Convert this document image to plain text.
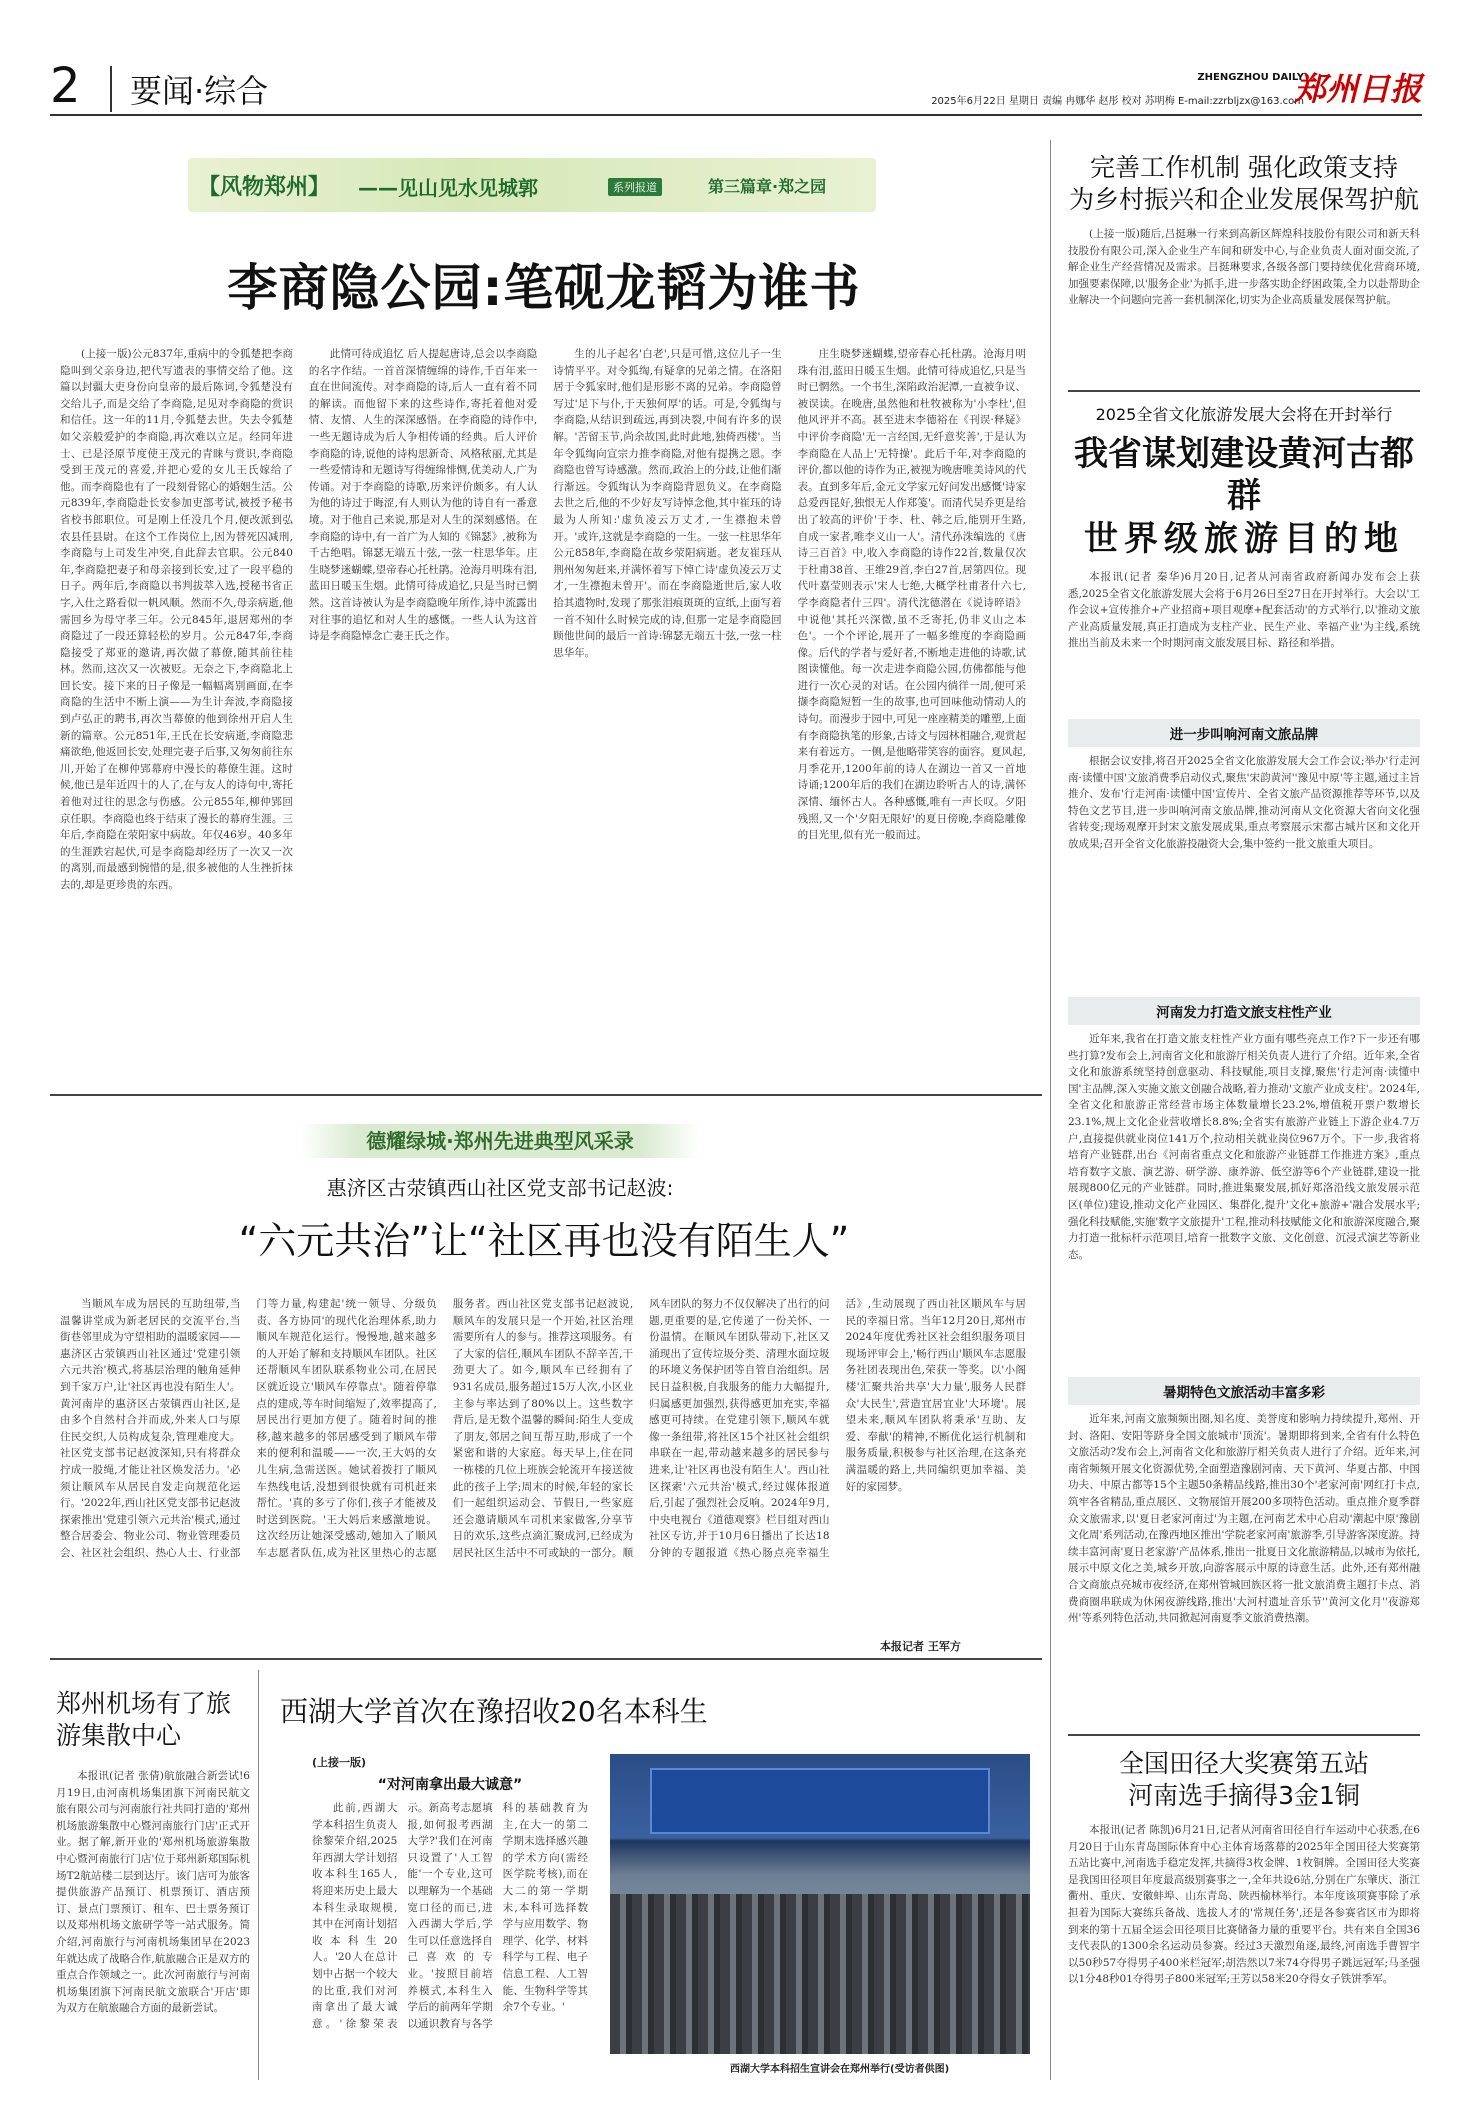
2 要闻·综合	ZHENGZHOU DAILY
2025年6月22日 星期日 责编 冉娜华 赵彤 校对 苏明梅 E-mail:zzrbljzx@163.com
郑州日报
【风物郑州】 ——见山见水见城郭	系列报道	第三篇章·郑之园
李商隐公园:笔砚龙韬为谁书

(上接一版)公元837年,重病中的令狐楚把李商隐叫到父亲身边,把代写遗表的事情交给了他。这篇以封疆大吏身份向皇帝的最后陈词,令狐楚没有交给儿子,而是交给了李商隐,足见对李商隐的赏识和信任。这一年的11月,令狐楚去世。失去令狐楚如父亲般爱护的李商隐,再次难以立足。经同年进士、已是泾原节度使王茂元的青睐与赏识,李商隐受到王茂元的喜爱,并把心爱的女儿王氏嫁给了他。而李商隐也有了一段刻骨铭心的婚姻生活。公元839年,李商隐赴长安参加吏部考试,被授予秘书省校书郎职位。可是刚上任没几个月,便改派到弘农县任县尉。在这个工作岗位上,因为替死囚减刑,李商隐与上司发生冲突,自此辞去官职。公元840年,李商隐把妻子和母亲接到长安,过了一段平稳的日子。两年后,李商隐以书判拔萃入选,授秘书省正字,入仕之路看似一帆风顺。然而不久,母亲病逝,他需回乡为母守孝三年。公元845年,退居郑州的李商隐过了一段还算轻松的岁月。公元847年,李商隐接受了郑亚的邀请,再次做了幕僚,随其前往桂林。然而,这次又一次被贬。无奈之下,李商隐北上回长安。接下来的日子像是一幅幅离别画面,在李商隐的生活中不断上演——为生计奔波,李商隐接到卢弘正的聘书,再次当幕僚的他到徐州开启人生新的篇章。公元851年,王氏在长安病逝,李商隐悲痛欲绝,他返回长安,处理完妻子后事,又匆匆前往东川,开始了在柳仲郢幕府中漫长的幕僚生涯。这时候,他已是年近四十的人了,在与友人的诗句中,寄托着他对过往的思念与伤感。公元855年,柳仲郢回京任职。李商隐也终于结束了漫长的幕府生涯。三年后,李商隐在荥阳家中病故。年仅46岁。40多年的生涯跌宕起伏,可是李商隐却经历了一次又一次的离别,而最感到惋惜的是,很多被他的人生挫折抹去的,却是更珍贵的东西。

此情可待成追忆 后人提起唐诗,总会以李商隐的名字作结。一首首深情缠绵的诗作,千百年来一直在世间流传。对李商隐的诗,后人一直有着不同的解读。而他留下来的这些诗作,寄托着他对爱情、友情、人生的深深感悟。在李商隐的诗作中,一些无题诗成为后人争相传诵的经典。后人评价李商隐的诗,说他的诗构思新奇、风格秾丽,尤其是一些爱情诗和无题诗写得缠绵悱恻,优美动人,广为传诵。对于李商隐的诗歌,历来评价颇多。有人认为他的诗过于晦涩,有人则认为他的诗自有一番意境。对于他自己来说,那是对人生的深刻感悟。在李商隐的诗中,有一首广为人知的《锦瑟》,被称为千古绝唱。锦瑟无端五十弦,一弦一柱思华年。庄生晓梦迷蝴蝶,望帝春心托杜鹃。沧海月明珠有泪,蓝田日暖玉生烟。此情可待成追忆,只是当时已惘然。这首诗被认为是李商隐晚年所作,诗中流露出对往事的追忆和对人生的感慨。一些人认为这首诗是李商隐悼念亡妻王氏之作。

生的儿子起名'白老',只是可惜,这位儿子一生诗情平平。对令狐绹,有疑拿的兄弟之情。在洛阳居于令狐家时,他们是形影不离的兄弟。李商隐曾写过'足下与仆,于天独何厚'的话。可是,令狐绹与李商隐,从结识到疏远,再到决裂,中间有许多的误解。'苦留玉节,尚余故国,此时此地,独倚西楼'。当年令狐绹向宣宗力推李商隐,对他有提携之恩。李商隐也曾写诗感激。然而,政治上的分歧,让他们渐行渐远。令狐绹认为李商隐背恩负义。在李商隐去世之后,他的不少好友写诗悼念他,其中崔珏的诗最为人所知:'虚负凌云万丈才,一生襟抱未曾开。'或许,这就是李商隐的一生。一弦一柱思华年 公元858年,李商隐在故乡荥阳病逝。老友崔珏从荆州匆匆赶来,并满怀着写下悼亡诗'虚负凌云万丈才,一生襟抱未曾开'。而在李商隐逝世后,家人收拾其遗物时,发现了那张泪痕斑斑的宣纸,上面写着一首不知什么时候完成的诗,但那一定是李商隐回顾他世间的最后一首诗:锦瑟无端五十弦,一弦一柱思华年。

庄生晓梦迷蝴蝶,望帝春心托杜鹃。沧海月明珠有泪,蓝田日暖玉生烟。此情可待成追忆,只是当时已惘然。一个书生,深陷政治泥潭,一直被争议、被误读。在晚唐,虽然他和杜牧被称为'小李杜',但他风评并不高。甚至进末李德裕在《刊误·释疑》中评价李商隐'无一言经国,无纤意奖善',于是认为李商隐在人品上'无特操'。此后千年,对李商隐的评价,都以他的诗作为正,被视为晚唐唯美诗风的代表。直到多年后,金元文学家元好问发出感慨'诗家总爱西昆好,独恨无人作郑笺'。而清代吴乔更是给出了较高的评价'于李、杜、韩之后,能别开生路,自成一家者,唯李义山一人'。清代孙洙编选的《唐诗三百首》中,收入李商隐的诗作22首,数量仅次于杜甫38首、王维29首,李白27首,居第四位。现代叶嘉莹则表示'宋人七绝,大概学杜甫者什六七,学李商隐者什三四'。清代沈德潜在《说诗晬语》中说他'其托兴深微,虽不乏寄托,仍非义山之本色'。一个个评论,展开了一幅多维度的李商隐画像。后代的学者与爱好者,不断地走进他的诗歌,试图读懂他。每一次走进李商隐公园,仿佛都能与他进行一次心灵的对话。在公园内徜徉一周,便可采撷李商隐短暂一生的故事,也可回味他动情动人的诗句。而漫步于园中,可见一座座精美的雕塑,上面有李商隐执笔的形象,古诗文与园林相融合,观赏起来有着远方。一侧,是他略带笑容的面容。夏风起,月季花开,1200年前的诗人在湖边一首又一首地诗诵;1200年后的我们在湖边聆听古人的诗,满怀深情、缅怀古人。各种感慨,唯有一声长叹。夕阳残照,又一个'夕阳无限好'的夏日傍晚,李商隐雕像的目光里,似有光一般而过。

德耀绿城·郑州先进典型风采录
惠济区古荥镇西山社区党支部书记赵波:
“六元共治”让“社区再也没有陌生人”

当顺风车成为居民的互助纽带,当温馨讲堂成为新老居民的交流平台,当街巷邻里成为守望相助的温暖家园——惠济区古荥镇西山社区通过'党建引领六元共治'模式,将基层治理的触角延伸到千家万户,让'社区再也没有陌生人'。黄河南岸的惠济区古荥镇西山社区,是由多个自然村合并而成,外来人口与原住民交织,人员构成复杂,管理难度大。社区党支部书记赵波深知,只有将群众拧成一股绳,才能让社区焕发活力。'必须让顺风车从居民自发走向规范化运行。'2022年,西山社区党支部书记赵波探索推出'党建引领六元共治'模式,通过整合居委会、物业公司、物业管理委员会、社区社会组织、热心人士、行业部门等力量,构建起'统一领导、分级负责、各方协同'的现代化治理体系,助力顺风车规范化运行。慢慢地,越来越多的人开始了解和支持顺风车团队。社区还帮顺风车团队联系物业公司,在居民区就近设立'顺风车停靠点'。随着停靠点的建成,等车时间缩短了,效率提高了,居民出行更加方便了。随着时间的推移,越来越多的邻居感受到了顺风车带来的便利和温暖——一次,王大妈的女儿生病,急需送医。她试着拨打了顺风车热线电话,没想到很快就有司机赶来帮忙。'真的多亏了你们,孩子才能被及时送到医院。'王大妈后来感激地说。这次经历让她深受感动,她加入了顺风车志愿者队伍,成为社区里热心的志愿服务者。西山社区党支部书记赵波说,顺风车的发展只是一个开始,社区治理需要所有人的参与。推荐这项服务。有了大家的信任,顺风车团队不辞辛苦,干劲更大了。如今,顺风车已经拥有了931名成员,服务超过15万人次,小区业主参与率达到了80%以上。这些数字背后,是无数个温馨的瞬间:陌生人变成了朋友,邻居之间互帮互助,形成了一个紧密和谐的大家庭。每天早上,住在同一栋楼的几位上班族会轮流开车接送彼此的孩子上学;周末的时候,年轻的家长们一起组织运动会、节假日,一些家庭还会邀请顺风车司机来家做客,分享节日的欢乐,这些点滴汇聚成河,已经成为居民社区生活中不可或缺的一部分。顺风车团队的努力不仅仅解决了出行的问题,更重要的是,它传递了一份关怀、一份温情。在顺风车团队带动下,社区又涌现出了宣传垃圾分类、清理水面垃圾的环境义务保护团等自管自治组织。居民日益积极,自我服务的能力大幅提升,归属感更加强烈,获得感更加充实,幸福感更可持续。在党建引领下,顺风车就像一条纽带,将社区15个社区社会组织串联在一起,带动越来越多的居民参与进来,让'社区再也没有陌生人'。西山社区探索'六元共治'模式,经过媒体报道后,引起了强烈社会反响。2024年9月,中央电视台《道德观察》栏目组对西山社区专访,并于10月6日播出了长达18分钟的专题报道《热心肠点亮幸福生活》,生动展现了西山社区顺风车与居民的幸福日常。当年12月20日,郑州市2024年度优秀社区社会组织服务项目现场评审会上,'畅行西山'顺风车志愿服务社团表现出色,荣获一等奖。以'小阁楼'汇聚共治共享'大力量',服务人民群众'大民生',营造宜居宜业'大环境'。展望未来,顺风车团队将秉承'互助、友爱、奉献'的精神,不断优化运行机制和服务质量,积极参与社区治理,在这条充满温暖的路上,共同编织更加幸福、美好的家园梦。

本报记者 王军方
郑州机场有了旅游集散中心

本报讯(记者 张倩)航旅融合新尝试!6月19日,由河南机场集团旗下河南民航文旅有限公司与河南旅行社共同打造的'郑州机场旅游集散中心暨河南旅行门店'正式开业。据了解,新开业的'郑州机场旅游集散中心暨河南旅行门店'位于郑州新郑国际机场T2航站楼二层到达厅。该门店可为旅客提供旅游产品预订、机票预订、酒店预订、景点门票预订、租车、巴士票务预订以及郑州机场文旅研学等一站式服务。简介绍,河南旅行与河南机场集团早在2023年就达成了战略合作,航旅融合正是双方的重点合作领域之一。此次河南旅行与河南机场集团旗下河南民航文旅联合'开店'即为双方在航旅融合方面的最新尝试。

西湖大学首次在豫招收20名本科生
(上接一版)
“对河南拿出最大诚意”

此前,西湖大学本科招生负责人徐黎荣介绍,2025年西湖大学计划招收本科生165人,将迎来历史上最大本科生录取规模,其中在河南计划招收本科生20人。'20人在总计划中占据一个较大的比重,我们对河南拿出了最大诚意。'徐黎荣表示。新高考志愿填报,如何报考西湖大学?'我们在河南只设置了'人工智能'一个专业,这可以理解为一个基础宽口径的而已,进入西湖大学后,学生可以任意选择自己喜欢的专业。'按照目前培养模式,本科生入学后的前两年学期以通识教育与各学科的基础教育为主,在大一的第二学期末选择感兴趣的学术方向(需经医学院考核),而在大二的第一学期末,本科可选择数学与应用数学、物理学、化学、材料科学与工程、电子信息工程、人工智能、生物科学等其余7个专业。'

西湖大学本科招生宣讲会在郑州举行(受访者供图)
完善工作机制 强化政策支持
为乡村振兴和企业发展保驾护航

(上接一版)随后,吕挺琳一行来到高新区辉煌科技股份有限公司和新天科技股份有限公司,深入企业生产车间和研发中心,与企业负责人面对面交流,了解企业生产经营情况及需求。吕挺琳要求,各级各部门要持续优化营商环境,加强要素保障,以'服务企业'为抓手,进一步落实助企纾困政策,全力以赴帮助企业解决一个问题向完善一套机制深化,切实为企业高质量发展保驾护航。

2025全省文化旅游发展大会将在开封举行
我省谋划建设黄河古都群
世界级旅游目的地

本报讯(记者 秦华)6月20日,记者从河南省政府新闻办发布会上获悉,2025全省文化旅游发展大会将于6月26日至27日在开封举行。大会以'工作会议+宣传推介+产业招商+项目观摩+配套活动'的方式举行,以'推动文旅产业高质量发展,真正打造成为支柱产业、民生产业、幸福产业'为主线,系统推出当前及未来一个时期河南文旅发展目标、路径和举措。

进一步叫响河南文旅品牌

根据会议安排,将召开2025全省文化旅游发展大会工作会议;举办'行走河南·读懂中国'文旅消费季启动仪式,聚焦'宋韵黄河''豫见中原'等主题,通过主旨推介、发布'行走河南·读懂中国'宣传片、全省文旅产品资源推荐等环节,以及特色文艺节目,进一步叫响河南文旅品牌,推动河南从文化资源大省向文化强省转变;现场观摩开封宋文旅发展成果,重点考察展示宋都古城片区和文化开放成果;召开全省文化旅游投融资大会,集中签约一批文旅重大项目。

河南发力打造文旅支柱性产业

近年来,我省在打造文旅支柱性产业方面有哪些亮点工作?下一步还有哪些打算?发布会上,河南省文化和旅游厅相关负责人进行了介绍。近年来,全省文化和旅游系统坚持创意驱动、科技赋能,项目支撑,聚焦'行走河南·读懂中国'主品牌,深入实施文旅文创融合战略,着力推动'文旅产业成支柱'。2024年,全省文化和旅游正常经营市场主体数量增长23.2%,增值税开票户数增长23.1%,规上文化企业营收增长8.8%;全省实有旅游产业链上下游企业4.7万户,直接提供就业岗位141万个,拉动相关就业岗位967万个。下一步,我省将培育产业链群,出台《河南省重点文化和旅游产业链群工作推进方案》,重点培育数字文旅、演艺游、研学游、康养游、低空游等6个产业链群,建设一批展现800亿元的产业链群。同时,推进集聚发展,抓好郑洛沿线文旅发展示范区(单位)建设,推动文化产业园区、集群化,提升'文化+旅游+'融合发展水平;强化科技赋能,实施'数字文旅提升'工程,推动科技赋能文化和旅游深度融合,聚力打造一批标杆示范项目,培育一批数字文旅、文化创意、沉浸式演艺等新业态。

暑期特色文旅活动丰富多彩

近年来,河南文旅频频出圈,知名度、美誉度和影响力持续提升,郑州、开封、洛阳、安阳等跻身全国文旅城市'顶流'。暑期即将到来,全省有什么特色文旅活动?发布会上,河南省文化和旅游厅相关负责人进行了介绍。近年来,河南省频频开展文化资源优势,全面塑造豫剧河南、天下黄河、华夏古都、中国功夫、中原古都等15个主题50条精品线路,推出30个'老家河南'网红打卡点,筑牢各省精品,重点展区、文物展馆开展200多项特色活动。重点推介夏季群众文旅需求,以'夏日老家河南过'为主题,在河南艺术中心启动'潮起中原'豫剧文化周'系列活动,在豫西地区推出'学院老家河南'旅游季,引导游客深度游。持续丰富河南'夏日老家游'产品体系,推出一批夏日文化旅游精品,以城市为依托,展示中原文化之美,城乡开放,向游客展示中原的诗意生活。此外,还有郑州融合文商旅点亮城市夜经济,在郑州管城回族区将一批文旅消费主题打卡点、消费商圈串联成为休闲夜游线路,推出'大河村遗址音乐节''黄河文化月''夜游郑州'等系列特色活动,共同掀起河南夏季文旅消费热潮。

全国田径大奖赛第五站
河南选手摘得3金1铜

本报讯(记者 陈凯)6月21日,记者从河南省田径自行车运动中心获悉,在6月20日于山东青岛国际体育中心主体育场落幕的2025年全国田径大奖赛第五站比赛中,河南选手稳定发挥,共摘得3枚金牌、1枚铜牌。全国田径大奖赛是我国田径项目年度最高级别赛事之一,全年共设6站,分别在广东肇庆、浙江衢州、重庆、安徽蚌埠、山东青岛、陕西榆林举行。本年度该项赛事除了承担着为国际大赛练兵备战、选拔人才的'常规任务',还是各参赛省区市为即将到来的第十五届全运会田径项目比赛储备力量的重要平台。共有来自全国36支代表队的1300余名运动员参赛。经过3天激烈角逐,最终,河南选手曹智宇以50秒57夺得男子400米栏冠军;胡浩然以7米74夺得男子跳远冠军;马圣强以1分48秒01夺得男子800米冠军;王芳以58米20夺得女子铁饼季军。
